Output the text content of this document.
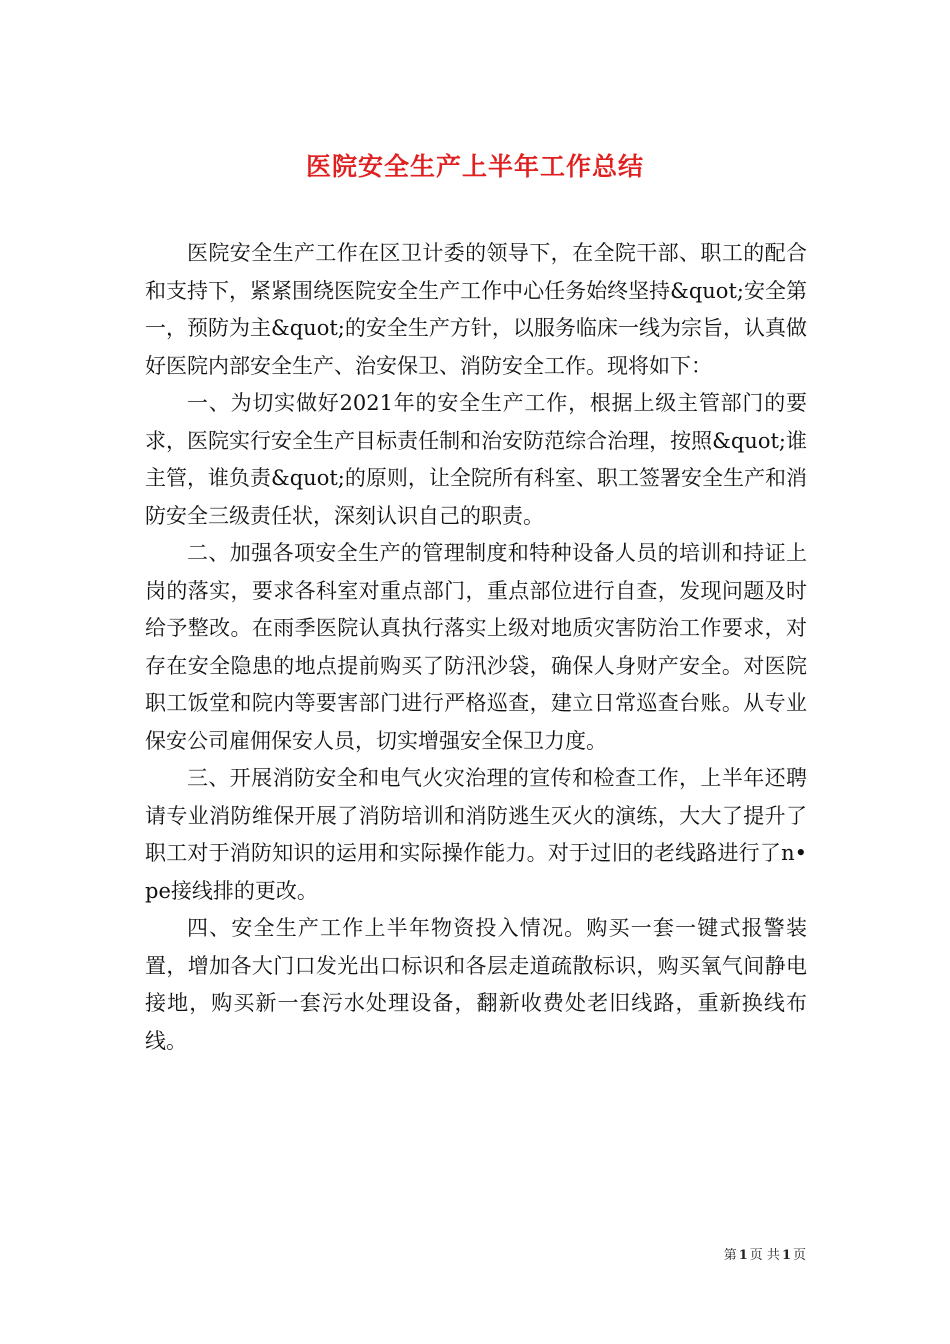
医院安全生产上半年工作总结

医院安全生产工作在区卫计委的领导下，在全院干部、职工的配合和支持下，紧紧围绕医院安全生产工作中心任务始终坚持&quot;安全第一，预防为主&quot;的安全生产方针，以服务临床一线为宗旨，认真做好医院内部安全生产、治安保卫、消防安全工作。现将如下：

一、为切实做好2021年的安全生产工作，根据上级主管部门的要求，医院实行安全生产目标责任制和治安防范综合治理，按照&quot;谁主管，谁负责&quot;的原则，让全院所有科室、职工签署安全生产和消防安全三级责任状，深刻认识自己的职责。

二、加强各项安全生产的管理制度和特种设备人员的培训和持证上岗的落实，要求各科室对重点部门，重点部位进行自查，发现问题及时给予整改。在雨季医院认真执行落实上级对地质灾害防治工作要求，对存在安全隐患的地点提前购买了防汛沙袋，确保人身财产安全。对医院职工饭堂和院内等要害部门进行严格巡查，建立日常巡查台账。从专业保安公司雇佣保安人员，切实增强安全保卫力度。

三、开展消防安全和电气火灾治理的宣传和检查工作，上半年还聘请专业消防维保开展了消防培训和消防逃生灭火的演练，大大了提升了职工对于消防知识的运用和实际操作能力。对于过旧的老线路进行了n•pe接线排的更改。

四、安全生产工作上半年物资投入情况。购买一套一键式报警装置，增加各大门口发光出口标识和各层走道疏散标识，购买氧气间静电接地，购买新一套污水处理设备，翻新收费处老旧线路，重新换线布线。

第 1 页 共 1 页
